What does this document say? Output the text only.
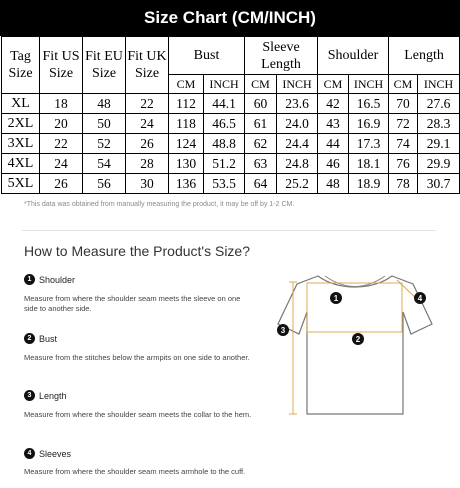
Size Chart (CM/INCH)
Tag Size	Fit US Size	Fit EU Size	Fit UK Size	Bust		Sleeve Length		Shoulder		Length	
				CM	INCH	CM	INCH	CM	INCH	CM	INCH
XL	18	48	22	112	44.1	60	23.6	42	16.5	70	27.6
2XL	20	50	24	118	46.5	61	24.0	43	16.9	72	28.3
3XL	22	52	26	124	48.8	62	24.4	44	17.3	74	29.1
4XL	24	54	28	130	51.2	63	24.8	46	18.1	76	29.9
5XL	26	56	30	136	53.5	64	25.2	48	18.9	78	30.7
*This data was obtained from manually measuring the product, it may be off by 1-2 CM.
How to Measure the Product's Size?
1 Shoulder
Measure from where the shoulder seam meets the sleeve on one side to another side.
2 Bust
Measure from the stitches below the armpits on one side to another.
3 Length
Measure from where the shoulder seam meets the collar to the hem.
4 Sleeves
Measure from where the shoulder seam meets armhole to the cuff.
1
2
3
4
